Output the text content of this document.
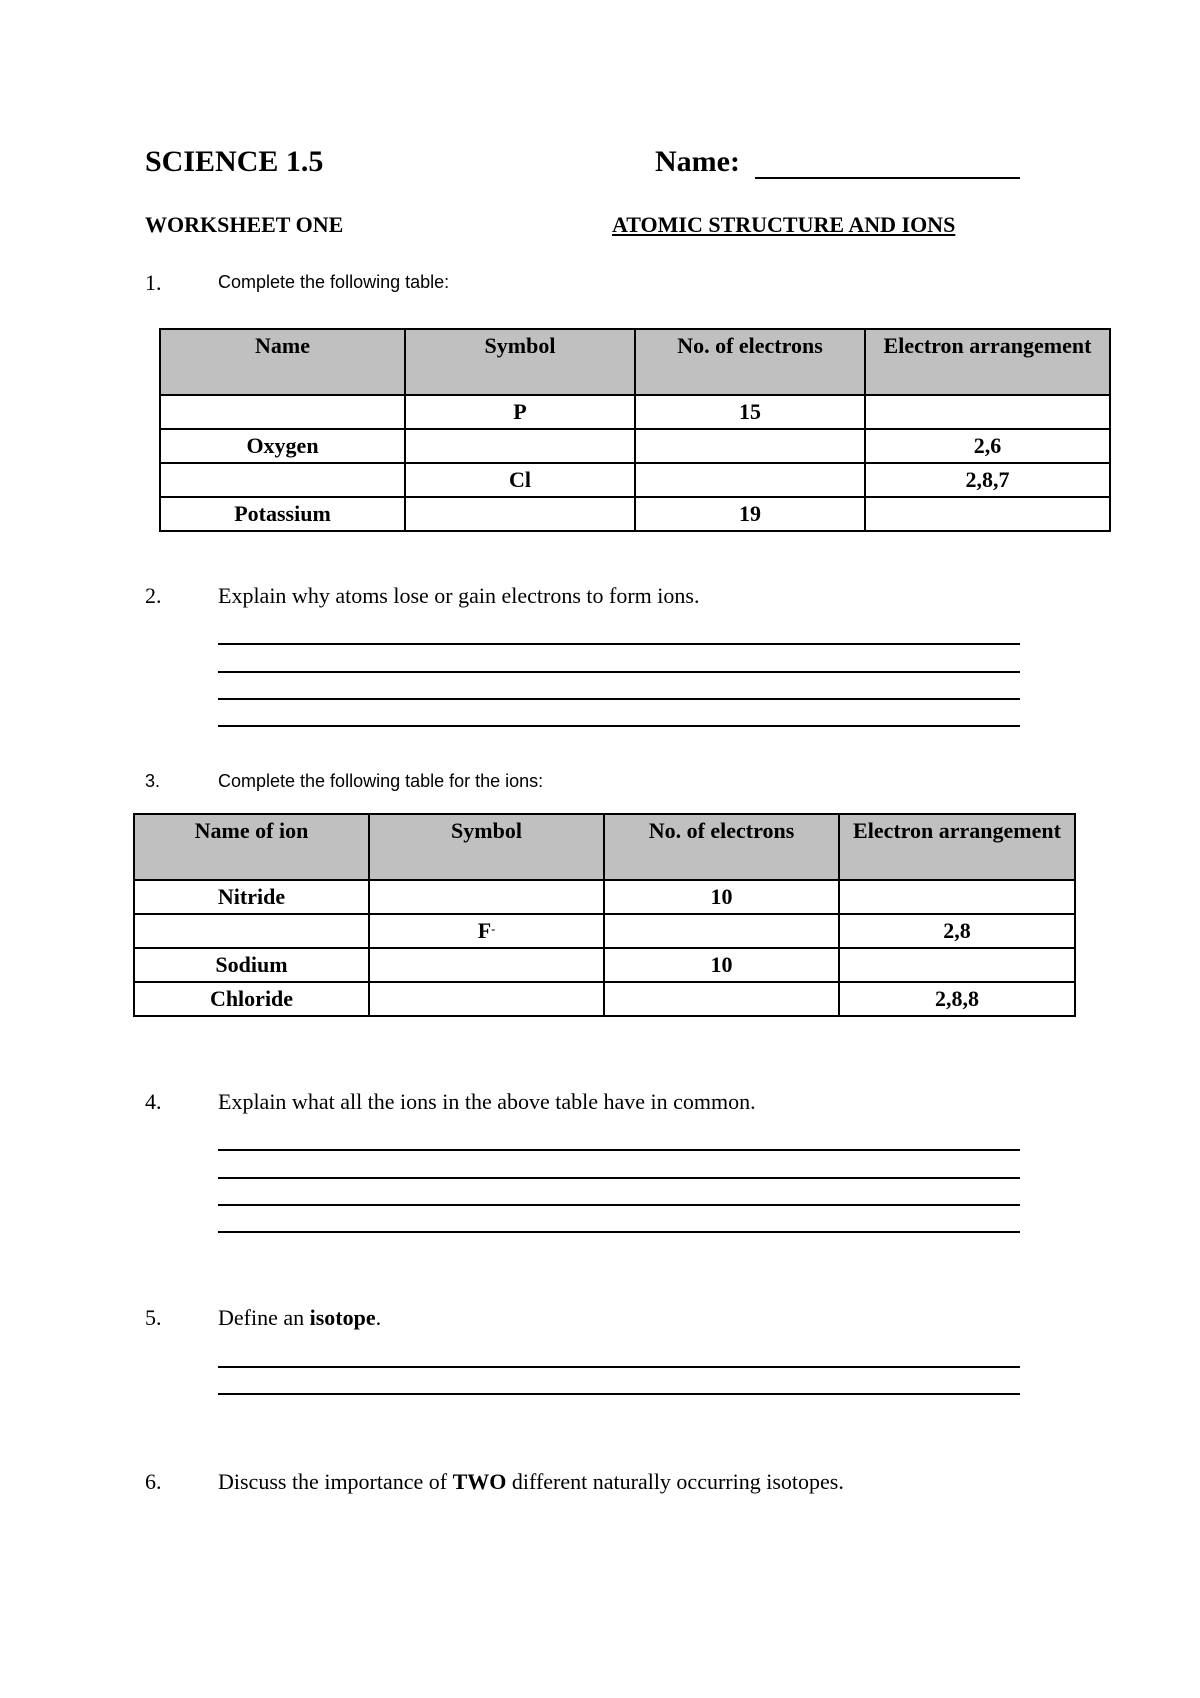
SCIENCE 1.5	Name:
WORKSHEET ONE	ATOMIC STRUCTURE AND IONS
1.	Complete the following table:
Name	Symbol	No. of electrons	Electron arrangement
	P	15	
Oxygen			2,6
	Cl		2,8,7
Potassium		19	
2.	Explain why atoms lose or gain electrons to form ions.
3.	Complete the following table for the ions:
Name of ion	Symbol	No. of electrons	Electron arrangement
Nitride		10	
	F-		2,8
Sodium		10	
Chloride			2,8,8
4.	Explain what all the ions in the above table have in common.
5.	Define an isotope.
6.	Discuss the importance of TWO different naturally occurring isotopes.
